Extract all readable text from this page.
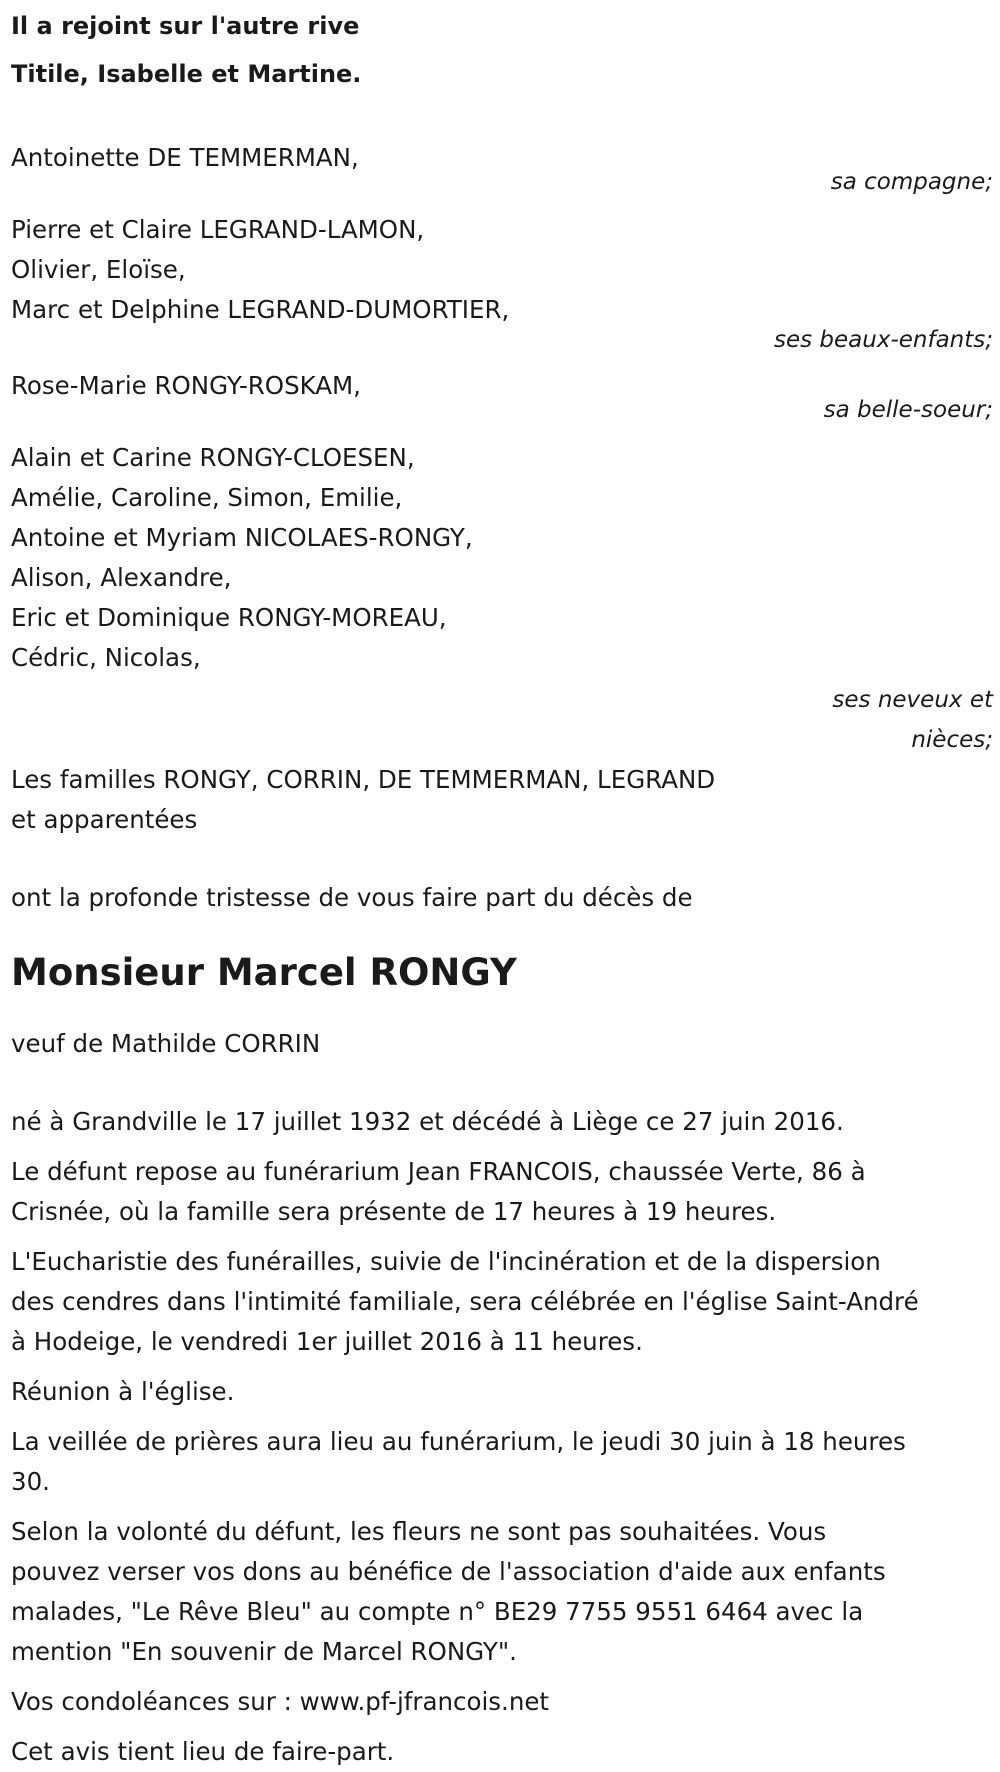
Il a rejoint sur l'autre rive
Titile, Isabelle et Martine.
Antoinette DE TEMMERMAN,
sa compagne;
Pierre et Claire LEGRAND-LAMON,
Olivier, Eloïse,
Marc et Delphine LEGRAND-DUMORTIER,
ses beaux-enfants;
Rose-Marie RONGY-ROSKAM,
sa belle-soeur;
Alain et Carine RONGY-CLOESEN,
Amélie, Caroline, Simon, Emilie,
Antoine et Myriam NICOLAES-RONGY,
Alison, Alexandre,
Eric et Dominique RONGY-MOREAU,
Cédric, Nicolas,
ses neveux et
nièces;
Les familles RONGY, CORRIN, DE TEMMERMAN, LEGRAND
et apparentées
ont la profonde tristesse de vous faire part du décès de
Monsieur Marcel RONGY
veuf de Mathilde CORRIN
né à Grandville le 17 juillet 1932 et décédé à Liège ce 27 juin 2016.
Le défunt repose au funérarium Jean FRANCOIS, chaussée Verte, 86 à
Crisnée, où la famille sera présente de 17 heures à 19 heures.
L'Eucharistie des funérailles, suivie de l'incinération et de la dispersion
des cendres dans l'intimité familiale, sera célébrée en l'église Saint-André
à Hodeige, le vendredi 1er juillet 2016 à 11 heures.
Réunion à l'église.
La veillée de prières aura lieu au funérarium, le jeudi 30 juin à 18 heures
30.
Selon la volonté du défunt, les fleurs ne sont pas souhaitées. Vous
pouvez verser vos dons au bénéfice de l'association d'aide aux enfants
malades, "Le Rêve Bleu" au compte n° BE29 7755 9551 6464 avec la
mention "En souvenir de Marcel RONGY".
Vos condoléances sur : www.pf-jfrancois.net
Cet avis tient lieu de faire-part.
